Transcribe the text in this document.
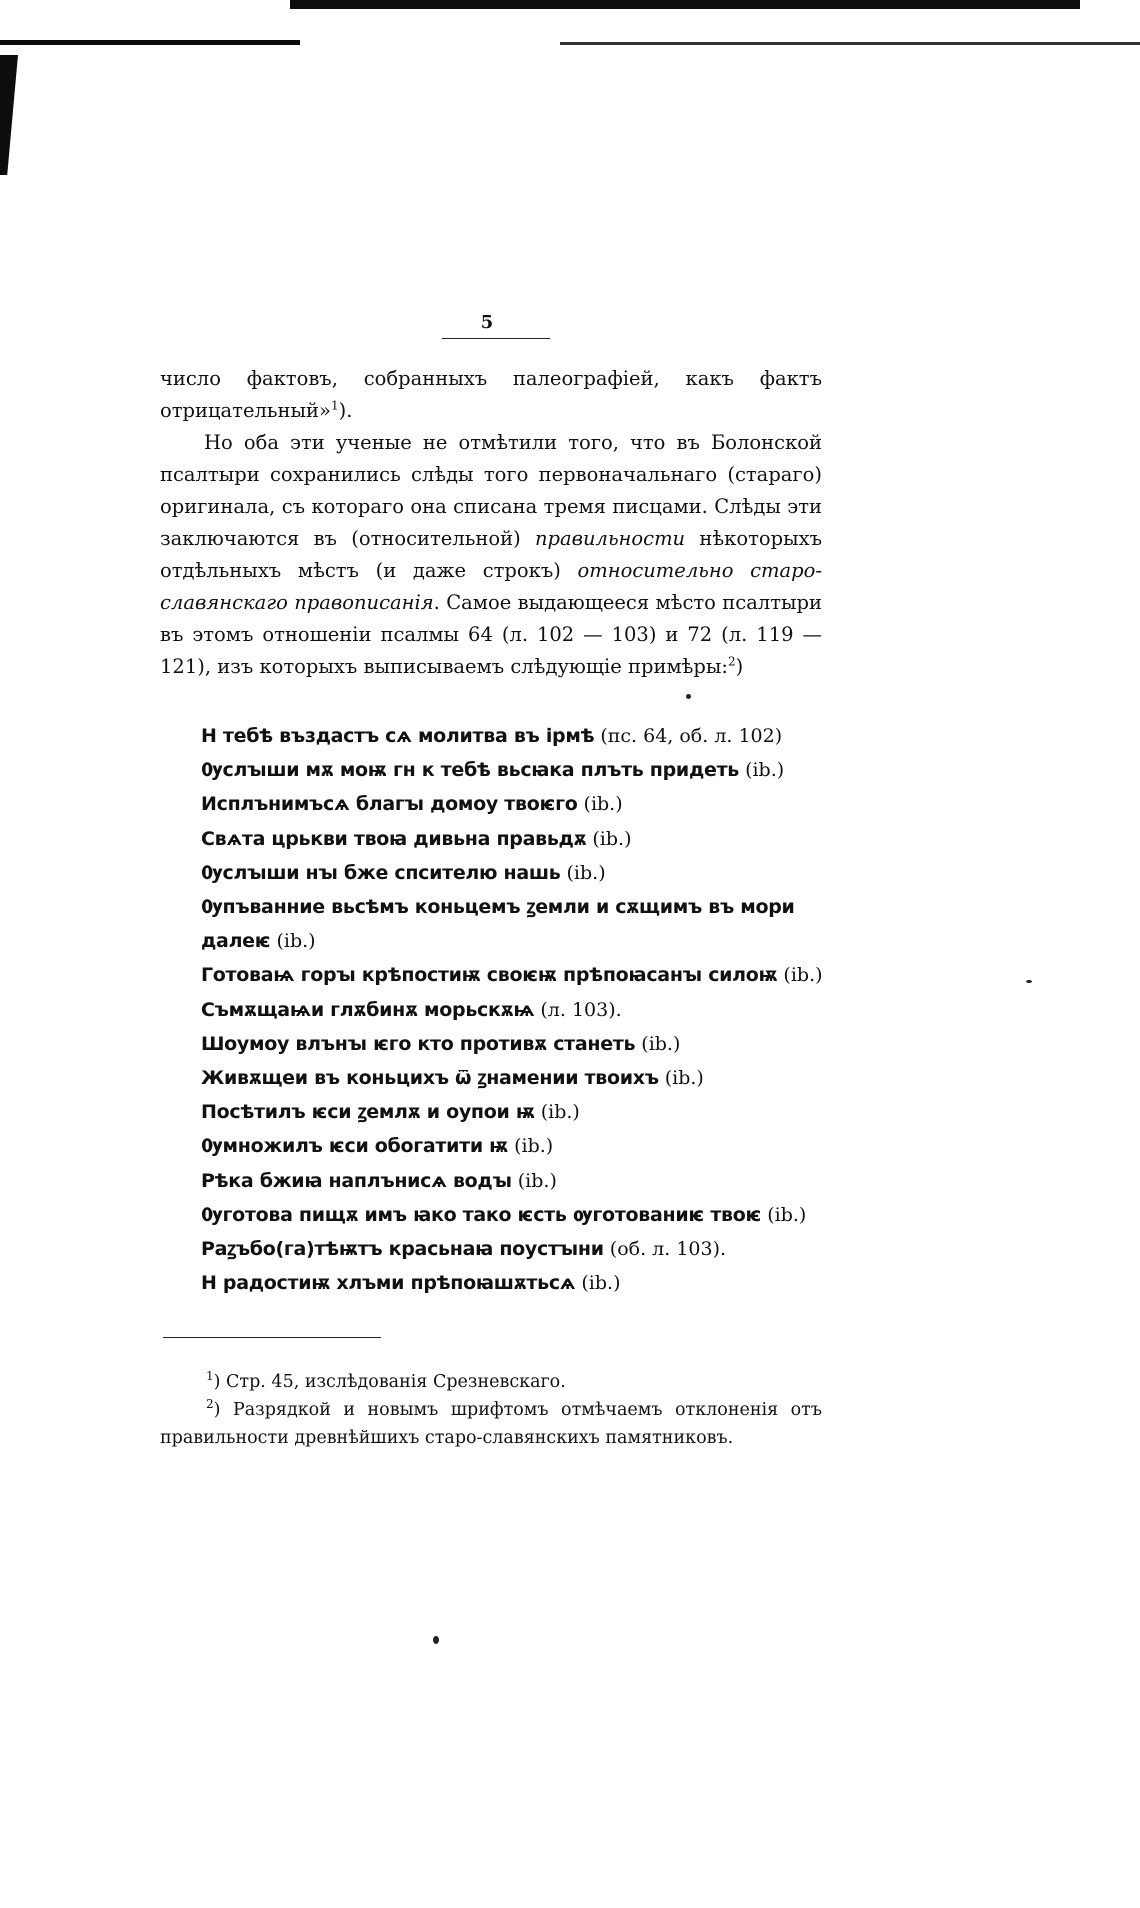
5

число фактовъ, собранныхъ палеографіей, какъ фактъ отрицательный»$^1$).

Но оба эти ученые не отмѣтили того, что въ Болонской псалтыри сохранились слѣды того первоначальнаго (стараго) оригинала, съ котораго она списана тремя писцами. Слѣды эти заключаются въ (относительной) правильности нѣкоторыхъ отдѣльныхъ мѣстъ (и даже строкъ) относительно старо-славянскаго правописанія. Самое выдающееся мѣсто псалтыри въ этомъ отношеніи псалмы 64 (л. 102 — 103) и 72 (л. 119 — 121), изъ которыхъ выписываемъ слѣдующіе примѣры:$^2$)

Н тебѣ въздастъ сѧ молитва въ ірмѣ (пс. 64, об. л. 102)
Ѹслꙑши мѫ моѭ гн к тебѣ вьсꙗка плъть придеть (ib.)
Исплънимъсѧ благꙑ домоу твоѥго (ib.)
Свѧта црькви твоꙗ дивьна правьдѫ (ib.)
Ѹслꙑши нꙑ бже спсителю нашь (ib.)
Ѹпъванние вьсѣмъ коньцемъ ꙁемли и сѫщимъ въ мори далеѥ (ib.)
Готоваѩ горꙑ крѣпостиѭ своѥѭ прѣпоꙗсанꙑ силоѭ (ib.)
Съмѫщаѩи глѫбинѫ морьскѫѩ (л. 103).
Шоумоу влънꙑ ѥго кто противѫ станеть (ib.)
Живѫщеи въ коньцихъ ѿ ꙁнамении твоихъ (ib.)
Посѣтилъ ѥси ꙁемлѫ и оупои ѭ (ib.)
Ѹмножилъ ѥси обогатити ѭ (ib.)
Рѣка бжиꙗ наплънисѧ водꙑ (ib.)
Ѹготова пищѫ имъ ꙗко тако ѥсть ѹготованиѥ твоѥ (ib.)
Раꙁъбо(га)тѣѭтъ красьнаꙗ поустꙑни (об. л. 103).
Н радостиѭ хлъми прѣпоꙗшѫтьсѧ (ib.)

$^1$) Стр. 45, изслѣдованія Срезневскаго.

$^2$) Разрядкой и новымъ шрифтомъ отмѣчаемъ отклоненія отъ правильности древнѣйшихъ старо-славянскихъ памятниковъ.
